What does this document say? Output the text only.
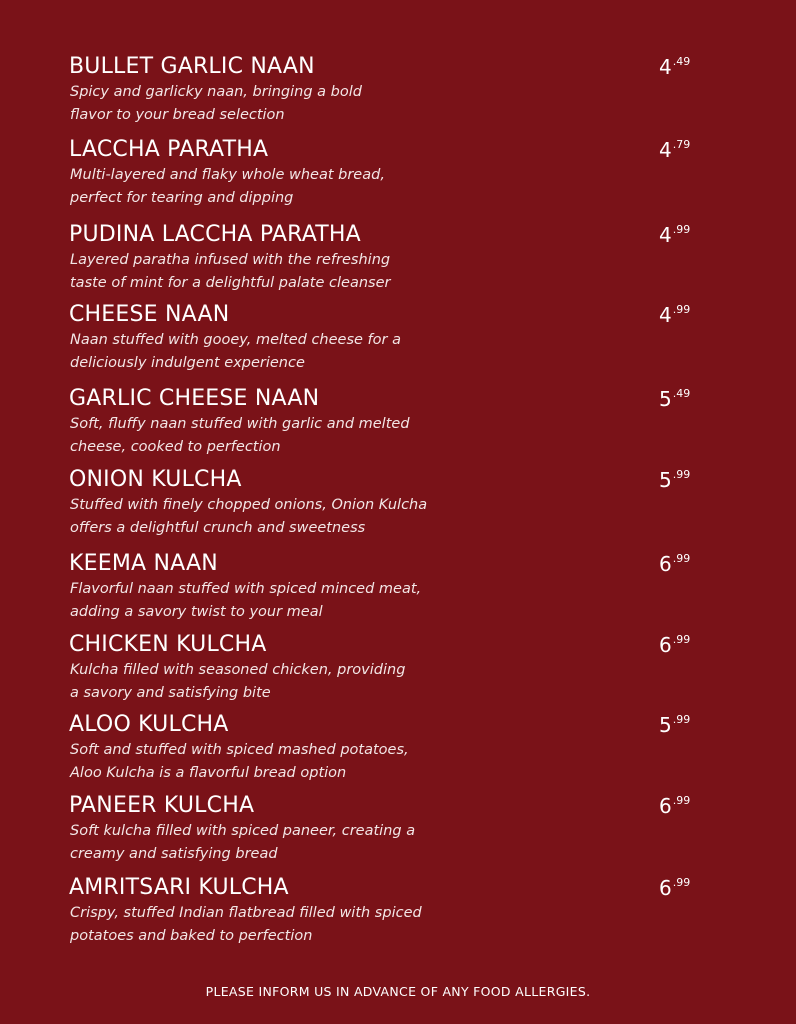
BULLET GARLIC NAAN
Spicy and garlicky naan, bringing a bold
flavor to your bread selection
$4^{.49}$
LACCHA PARATHA
Multi-layered and flaky whole wheat bread,
perfect for tearing and dipping
$4^{.79}$
PUDINA LACCHA PARATHA
Layered paratha infused with the refreshing
taste of mint for a delightful palate cleanser
$4^{.99}$
CHEESE NAAN
Naan stuffed with gooey, melted cheese for a
deliciously indulgent experience
$4^{.99}$
GARLIC CHEESE NAAN
Soft, fluffy naan stuffed with garlic and melted
cheese, cooked to perfection
$5^{.49}$
ONION KULCHA
Stuffed with finely chopped onions, Onion Kulcha
offers a delightful crunch and sweetness
$5^{.99}$
KEEMA NAAN
Flavorful naan stuffed with spiced minced meat,
adding a savory twist to your meal
$6^{.99}$
CHICKEN KULCHA
Kulcha filled with seasoned chicken, providing
a savory and satisfying bite
$6^{.99}$
ALOO KULCHA
Soft and stuffed with spiced mashed potatoes,
Aloo Kulcha is a flavorful bread option
$5^{.99}$
PANEER KULCHA
Soft kulcha filled with spiced paneer, creating a
creamy and satisfying bread
$6^{.99}$
AMRITSARI KULCHA
Crispy, stuffed Indian flatbread filled with spiced
potatoes and baked to perfection
$6^{.99}$
PLEASE INFORM US IN ADVANCE OF ANY FOOD ALLERGIES.
